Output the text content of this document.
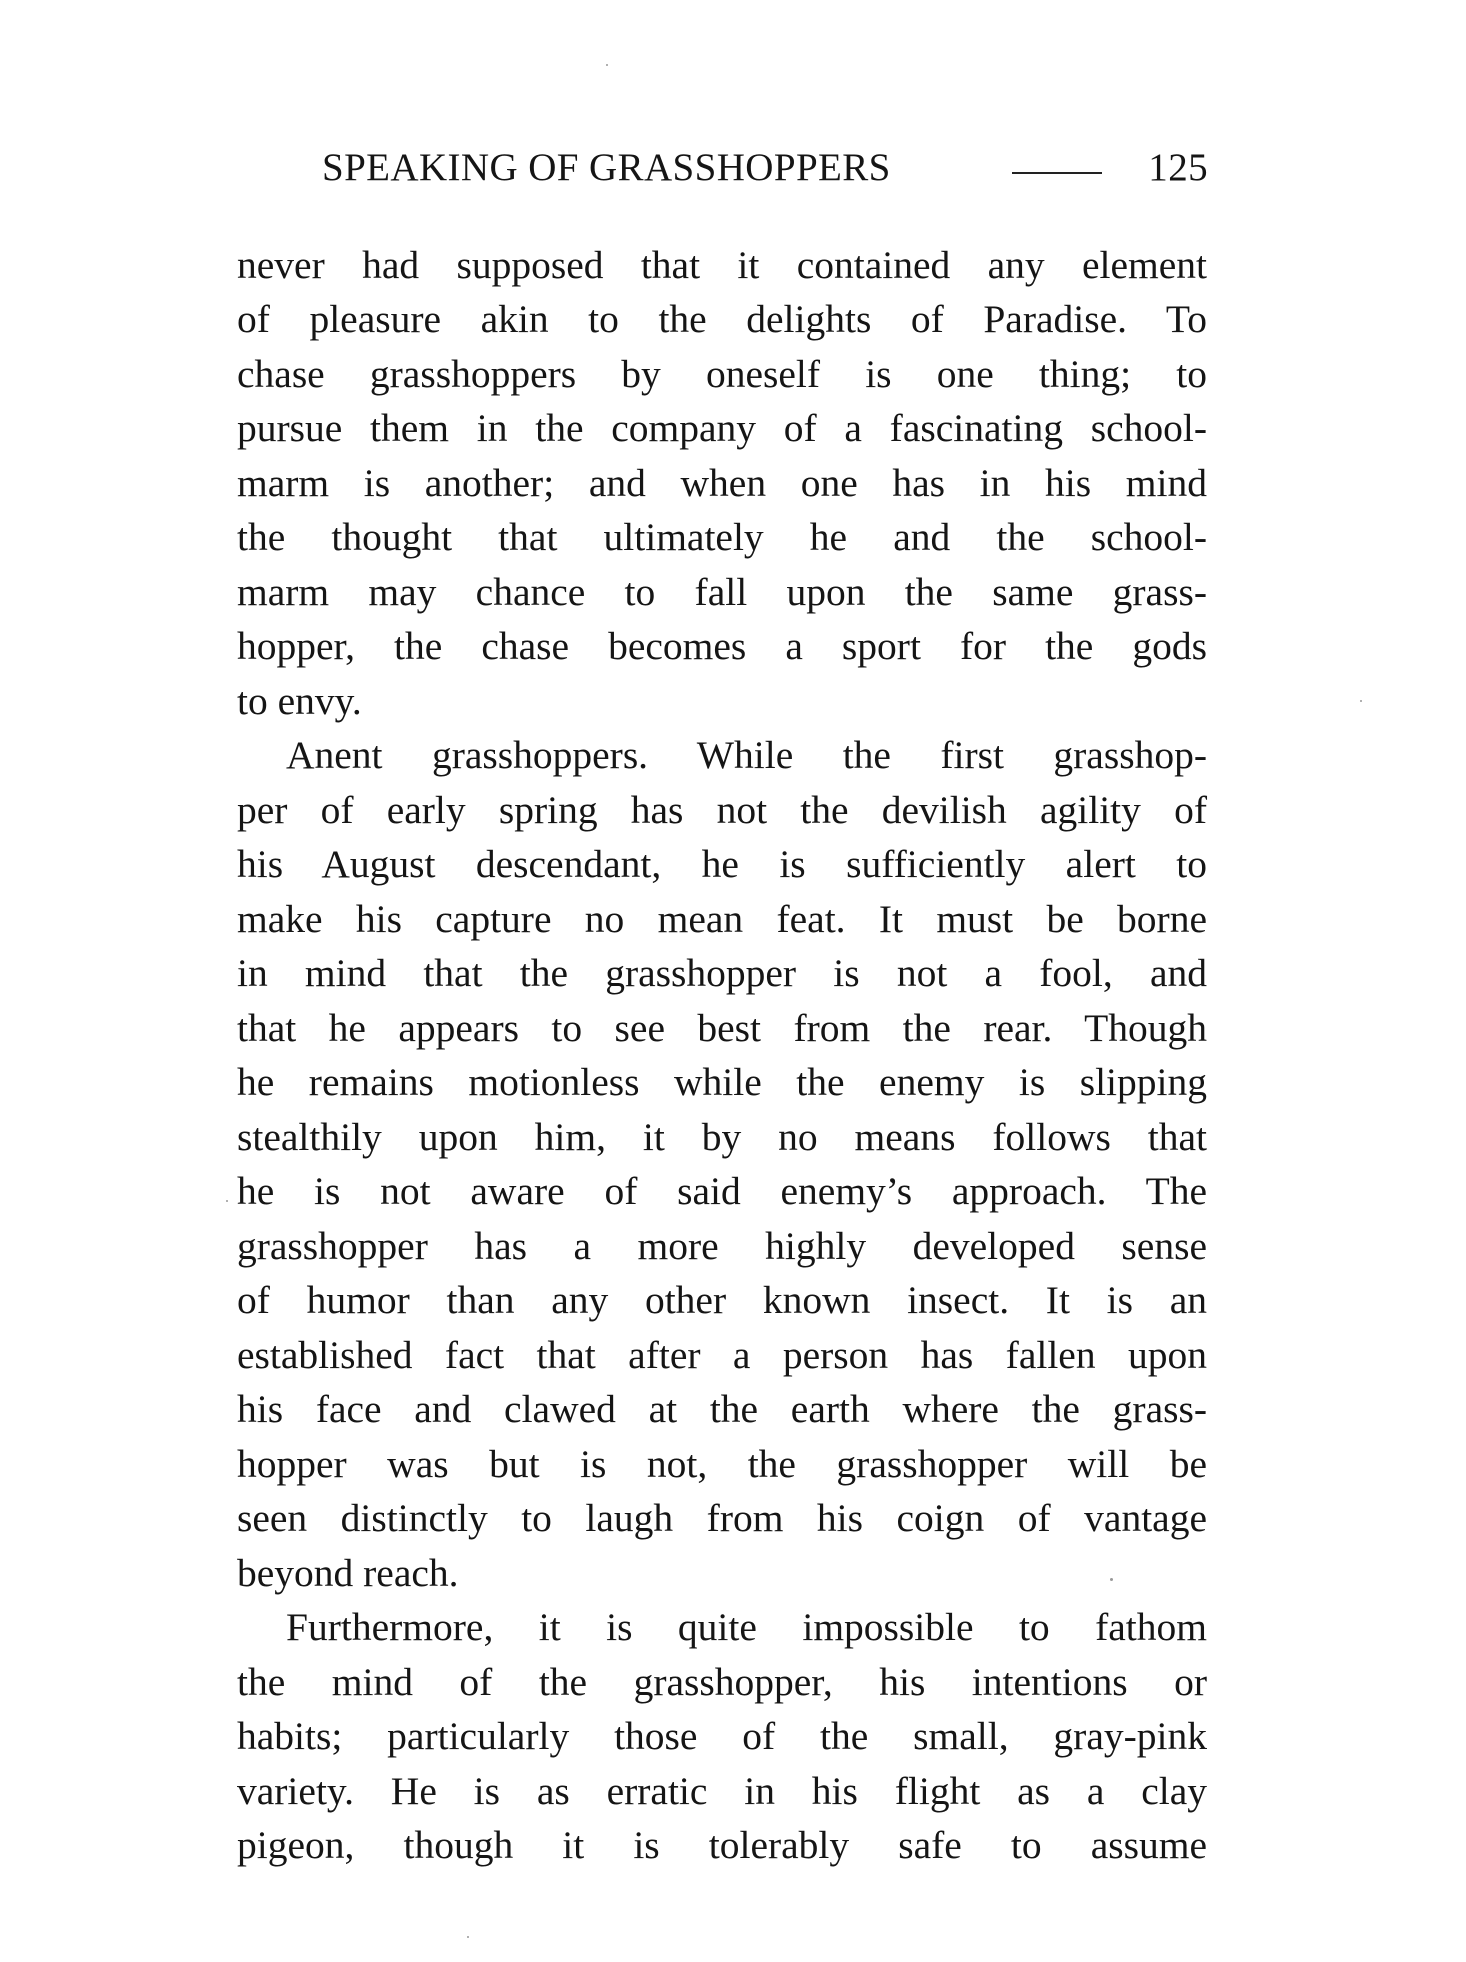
SPEAKING OF GRASSHOPPERS	125
never had supposed that it contained any element
of pleasure akin to the delights of Paradise. To
chase grasshoppers by oneself is one thing; to
pursue them in the company of a fascinating school-
marm is another; and when one has in his mind
the thought that ultimately he and the school-
marm may chance to fall upon the same grass-
hopper, the chase becomes a sport for the gods
to envy.
Anent grasshoppers. While the first grasshop-
per of early spring has not the devilish agility of
his August descendant, he is sufficiently alert to
make his capture no mean feat. It must be borne
in mind that the grasshopper is not a fool, and
that he appears to see best from the rear. Though
he remains motionless while the enemy is slipping
stealthily upon him, it by no means follows that
he is not aware of said enemy’s approach. The
grasshopper has a more highly developed sense
of humor than any other known insect. It is an
established fact that after a person has fallen upon
his face and clawed at the earth where the grass-
hopper was but is not, the grasshopper will be
seen distinctly to laugh from his coign of vantage
beyond reach.
Furthermore, it is quite impossible to fathom
the mind of the grasshopper, his intentions or
habits; particularly those of the small, gray-pink
variety. He is as erratic in his flight as a clay
pigeon, though it is tolerably safe to assume
